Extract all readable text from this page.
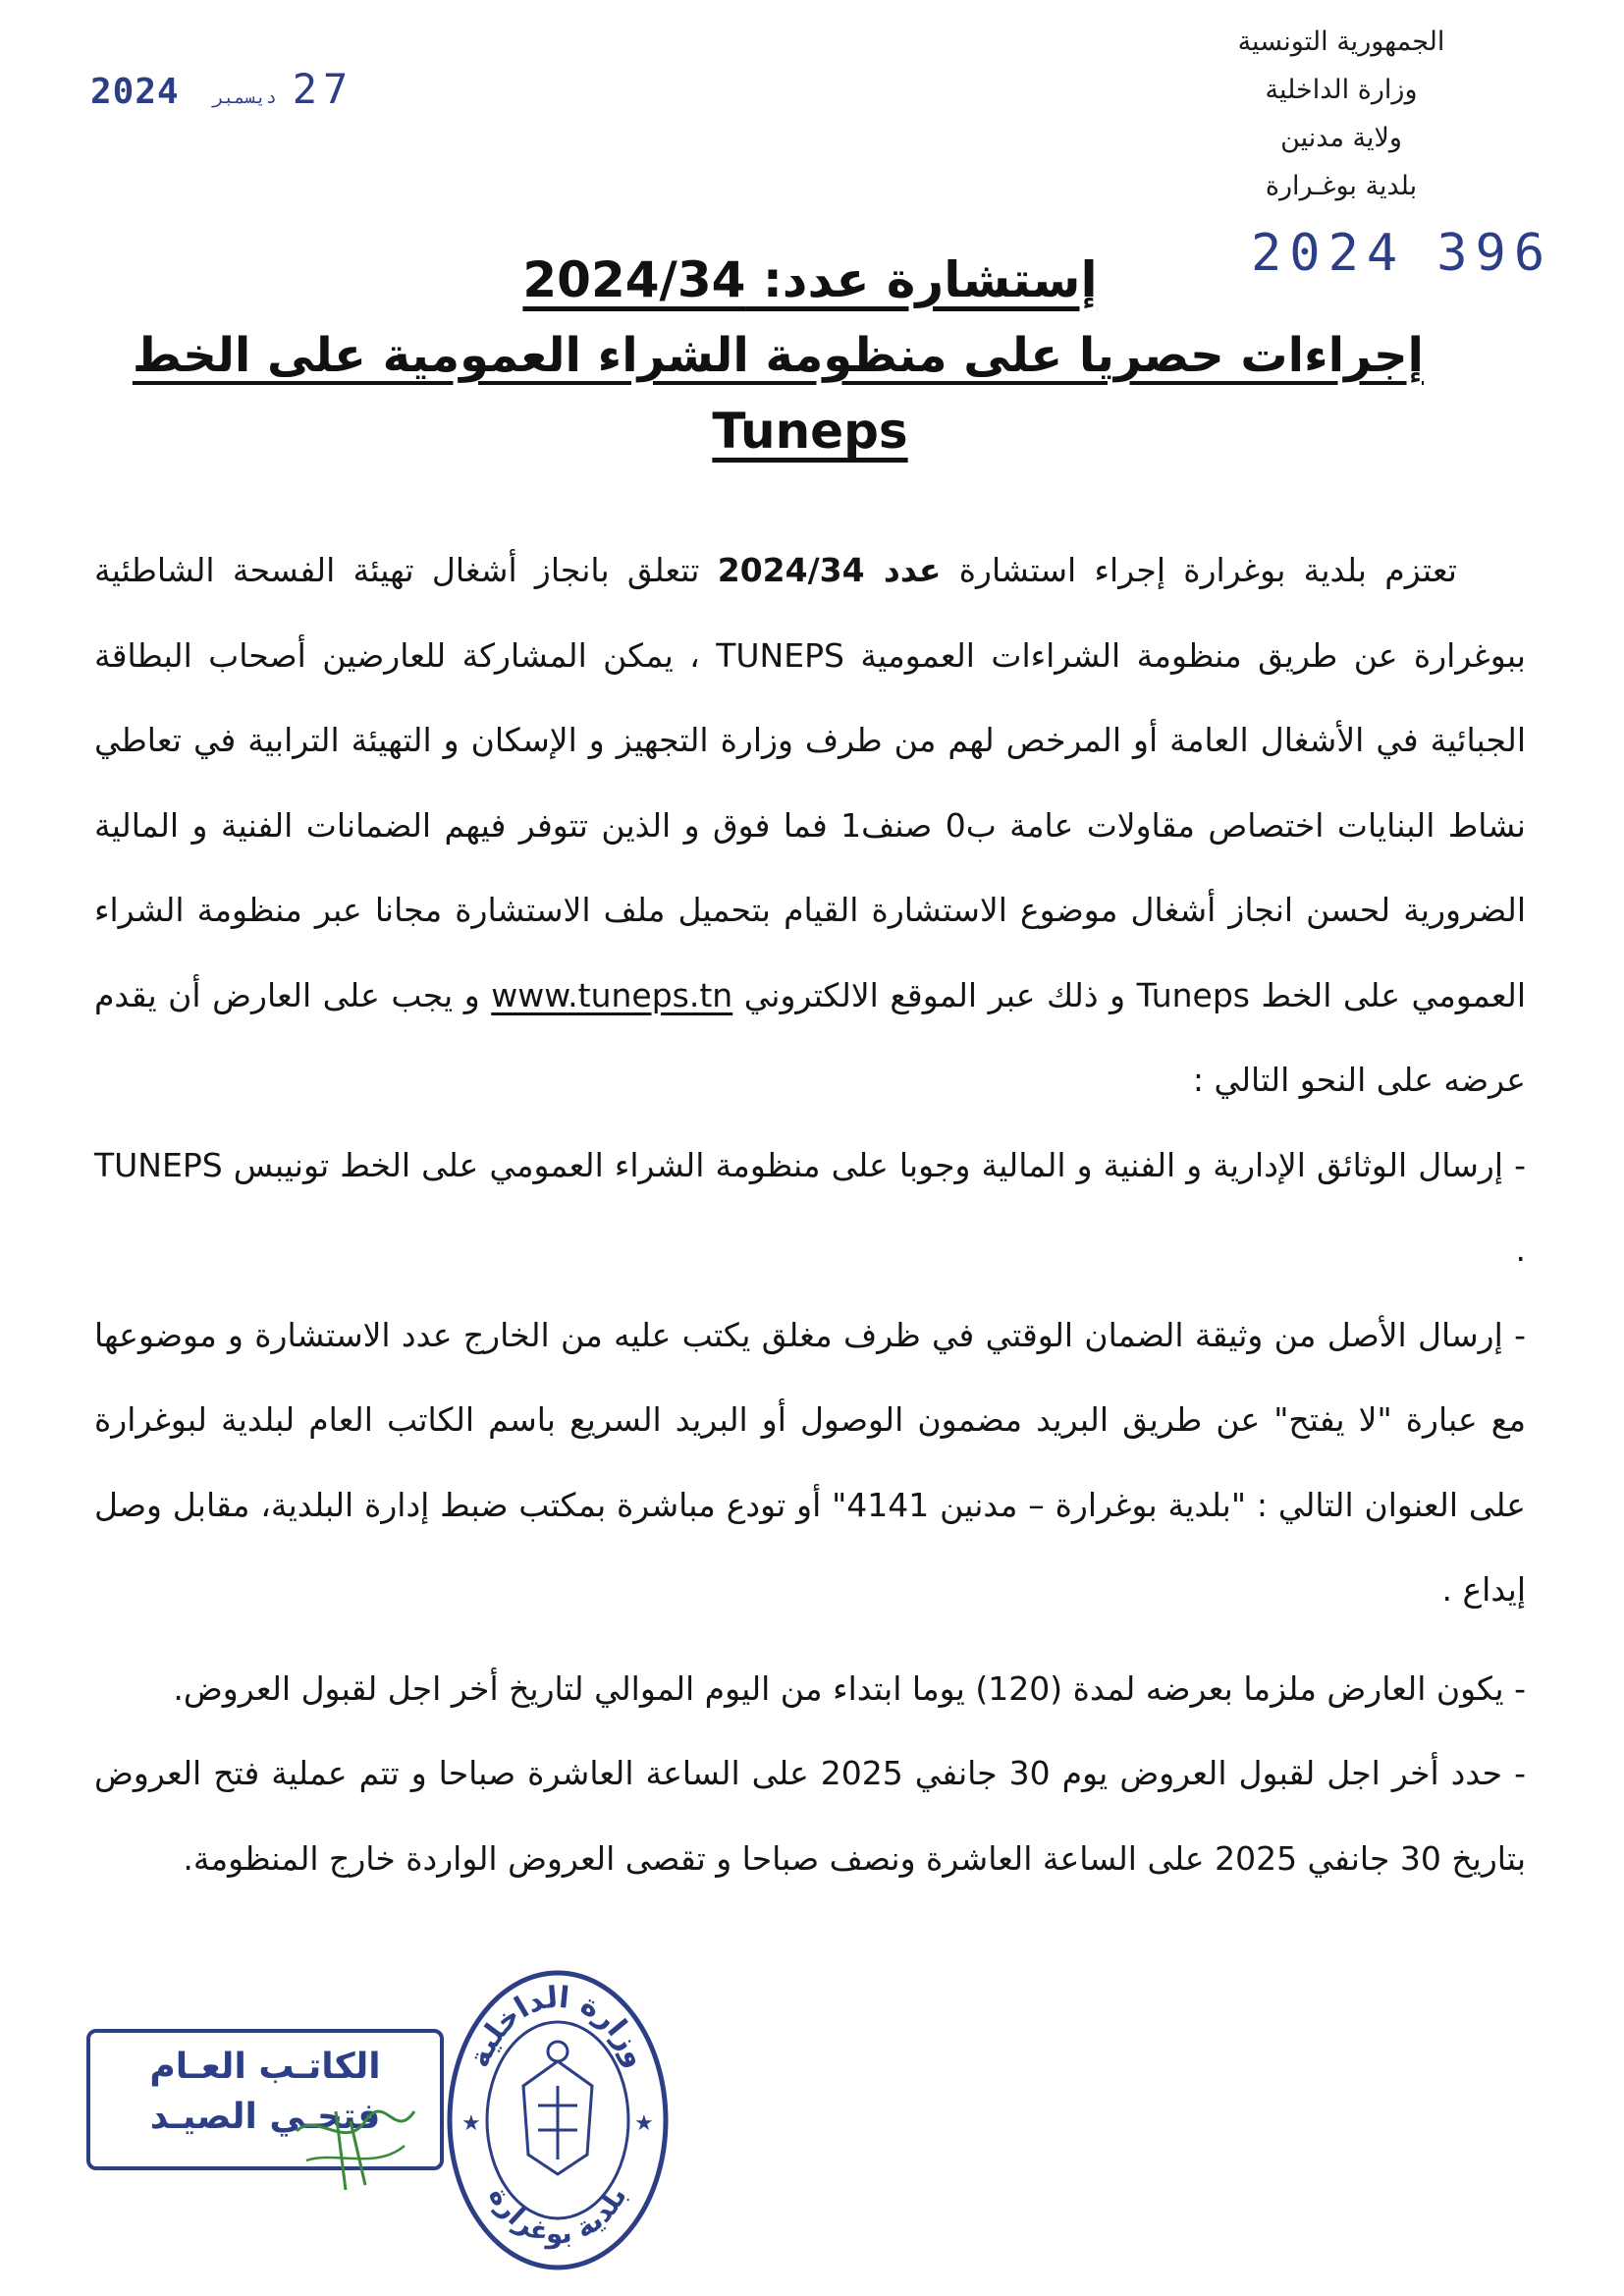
2024 ديسمبر 27
الجمهورية التونسية
وزارة الداخلية
ولاية مدنين
بلدية بوغـرارة
2024 396
إستشارة عدد: 2024/34
إجراءات حصريا على منظومة الشراء العمومية على الخط
Tuneps

تعتزم بلدية بوغرارة إجراء استشارة عدد 2024/34 تتعلق بانجاز أشغال تهيئة الفسحة الشاطئية ببوغرارة عن طريق منظومة الشراءات العمومية TUNEPS ، يمكن المشاركة للعارضين أصحاب البطاقة الجبائية في الأشغال العامة أو المرخص لهم من طرف وزارة التجهيز و الإسكان و التهيئة الترابية في تعاطي نشاط البنايات اختصاص مقاولات عامة ب0 صنف1 فما فوق و الذين تتوفر فيهم الضمانات الفنية و المالية الضرورية لحسن انجاز أشغال موضوع الاستشارة القيام بتحميل ملف الاستشارة مجانا عبر منظومة الشراء العمومي على الخط Tuneps و ذلك عبر الموقع الالكتروني www.tuneps.tn و يجب على العارض أن يقدم عرضه على النحو التالي :

- إرسال الوثائق الإدارية و الفنية و المالية وجوبا على منظومة الشراء العمومي على الخط تونيبس TUNEPS .

- إرسال الأصل من وثيقة الضمان الوقتي في ظرف مغلق يكتب عليه من الخارج عدد الاستشارة و موضوعها مع عبارة "لا يفتح" عن طريق البريد مضمون الوصول أو البريد السريع باسم الكاتب العام لبلدية لبوغرارة على العنوان التالي : "بلدية بوغرارة – مدنين 4141" أو تودع مباشرة بمكتب ضبط إدارة البلدية، مقابل وصل إيداع .

- يكون العارض ملزما بعرضه لمدة (120) يوما ابتداء من اليوم الموالي لتاريخ أخر اجل لقبول العروض.

- حدد أخر اجل لقبول العروض يوم 30 جانفي 2025 على الساعة العاشرة صباحا و تتم عملية فتح العروض بتاريخ 30 جانفي 2025 على الساعة العاشرة ونصف صباحا و تقصى العروض الواردة خارج المنظومة.

الكاتـب العـام
فتحـي الصيـد
وزارة الداخلية
بلدية بوغرارة
★	★
